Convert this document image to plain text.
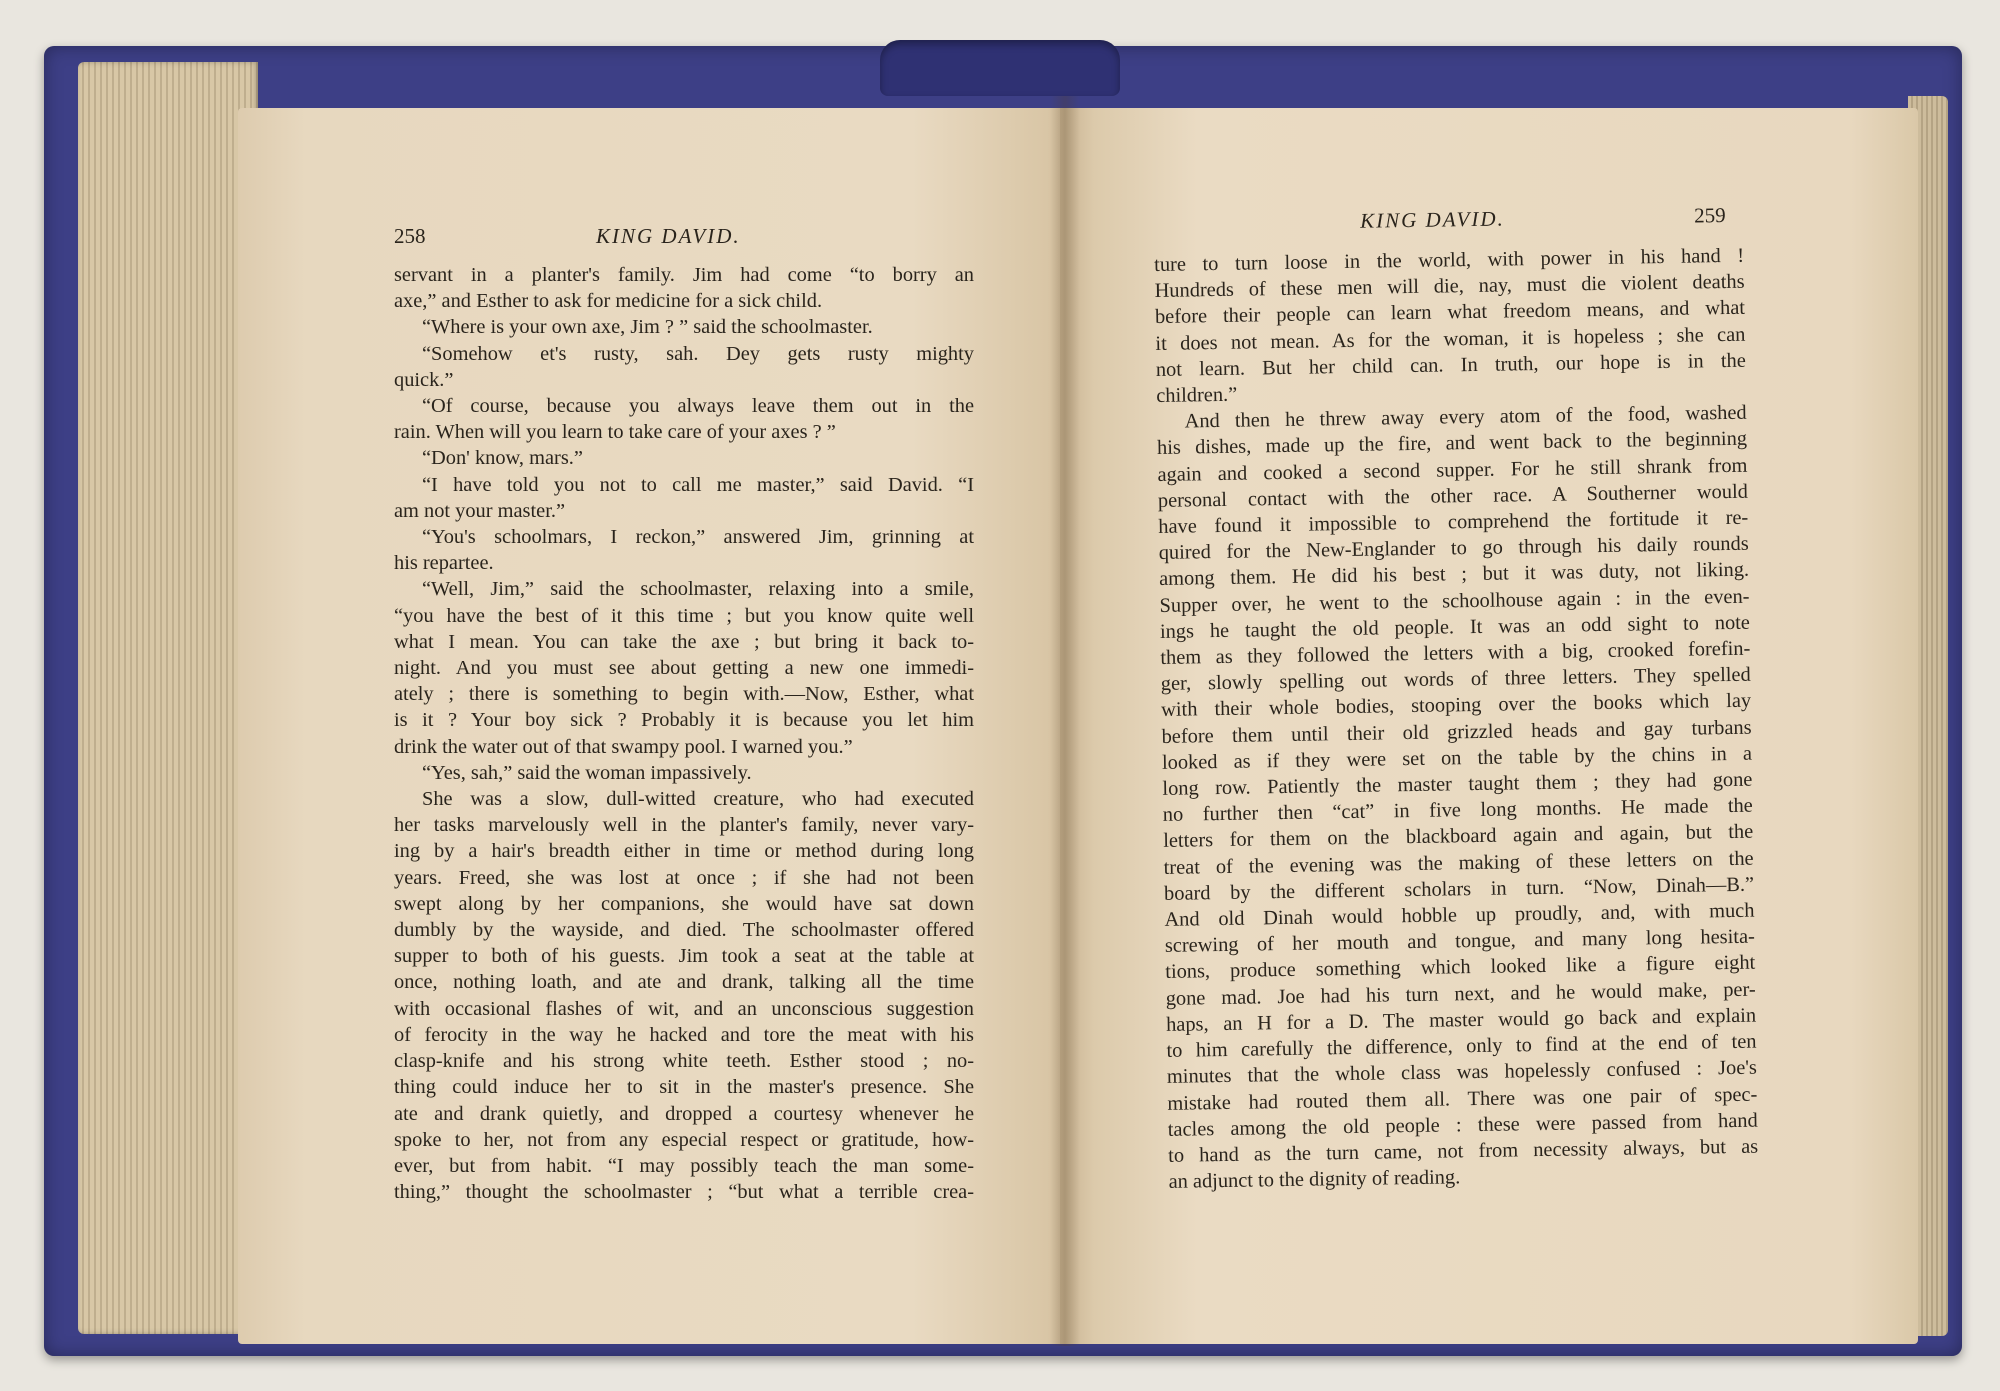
258	KING DAVID.
KING DAVID.	259
servant in a planter's family. Jim had come “to borry an
axe,” and Esther to ask for medicine for a sick child.
“Where is your own axe, Jim ? ” said the schoolmaster.
“Somehow et's rusty, sah. Dey gets rusty mighty
quick.”
“Of course, because you always leave them out in the
rain. When will you learn to take care of your axes ? ”
“Don' know, mars.”
“I have told you not to call me master,” said David. “I
am not your master.”
“You's schoolmars, I reckon,” answered Jim, grinning at
his repartee.
“Well, Jim,” said the schoolmaster, relaxing into a smile,
“you have the best of it this time ; but you know quite well
what I mean. You can take the axe ; but bring it back to-
night. And you must see about getting a new one immedi-
ately ; there is something to begin with.—Now, Esther, what
is it ? Your boy sick ? Probably it is because you let him
drink the water out of that swampy pool. I warned you.”
“Yes, sah,” said the woman impassively.
She was a slow, dull-witted creature, who had executed
her tasks marvelously well in the planter's family, never vary-
ing by a hair's breadth either in time or method during long
years. Freed, she was lost at once ; if she had not been
swept along by her companions, she would have sat down
dumbly by the wayside, and died. The schoolmaster offered
supper to both of his guests. Jim took a seat at the table at
once, nothing loath, and ate and drank, talking all the time
with occasional flashes of wit, and an unconscious suggestion
of ferocity in the way he hacked and tore the meat with his
clasp-knife and his strong white teeth. Esther stood ; no-
thing could induce her to sit in the master's presence. She
ate and drank quietly, and dropped a courtesy whenever he
spoke to her, not from any especial respect or gratitude, how-
ever, but from habit. “I may possibly teach the man some-
thing,” thought the schoolmaster ; “but what a terrible crea-
ture to turn loose in the world, with power in his hand !
Hundreds of these men will die, nay, must die violent deaths
before their people can learn what freedom means, and what
it does not mean. As for the woman, it is hopeless ; she can
not learn. But her child can. In truth, our hope is in the
children.”
And then he threw away every atom of the food, washed
his dishes, made up the fire, and went back to the beginning
again and cooked a second supper. For he still shrank from
personal contact with the other race. A Southerner would
have found it impossible to comprehend the fortitude it re-
quired for the New-Englander to go through his daily rounds
among them. He did his best ; but it was duty, not liking.
Supper over, he went to the schoolhouse again : in the even-
ings he taught the old people. It was an odd sight to note
them as they followed the letters with a big, crooked forefin-
ger, slowly spelling out words of three letters. They spelled
with their whole bodies, stooping over the books which lay
before them until their old grizzled heads and gay turbans
looked as if they were set on the table by the chins in a
long row. Patiently the master taught them ; they had gone
no further then “cat” in five long months. He made the
letters for them on the blackboard again and again, but the
treat of the evening was the making of these letters on the
board by the different scholars in turn. “Now, Dinah—B.”
And old Dinah would hobble up proudly, and, with much
screwing of her mouth and tongue, and many long hesita-
tions, produce something which looked like a figure eight
gone mad. Joe had his turn next, and he would make, per-
haps, an H for a D. The master would go back and explain
to him carefully the difference, only to find at the end of ten
minutes that the whole class was hopelessly confused : Joe's
mistake had routed them all. There was one pair of spec-
tacles among the old people : these were passed from hand
to hand as the turn came, not from necessity always, but as
an adjunct to the dignity of reading.
